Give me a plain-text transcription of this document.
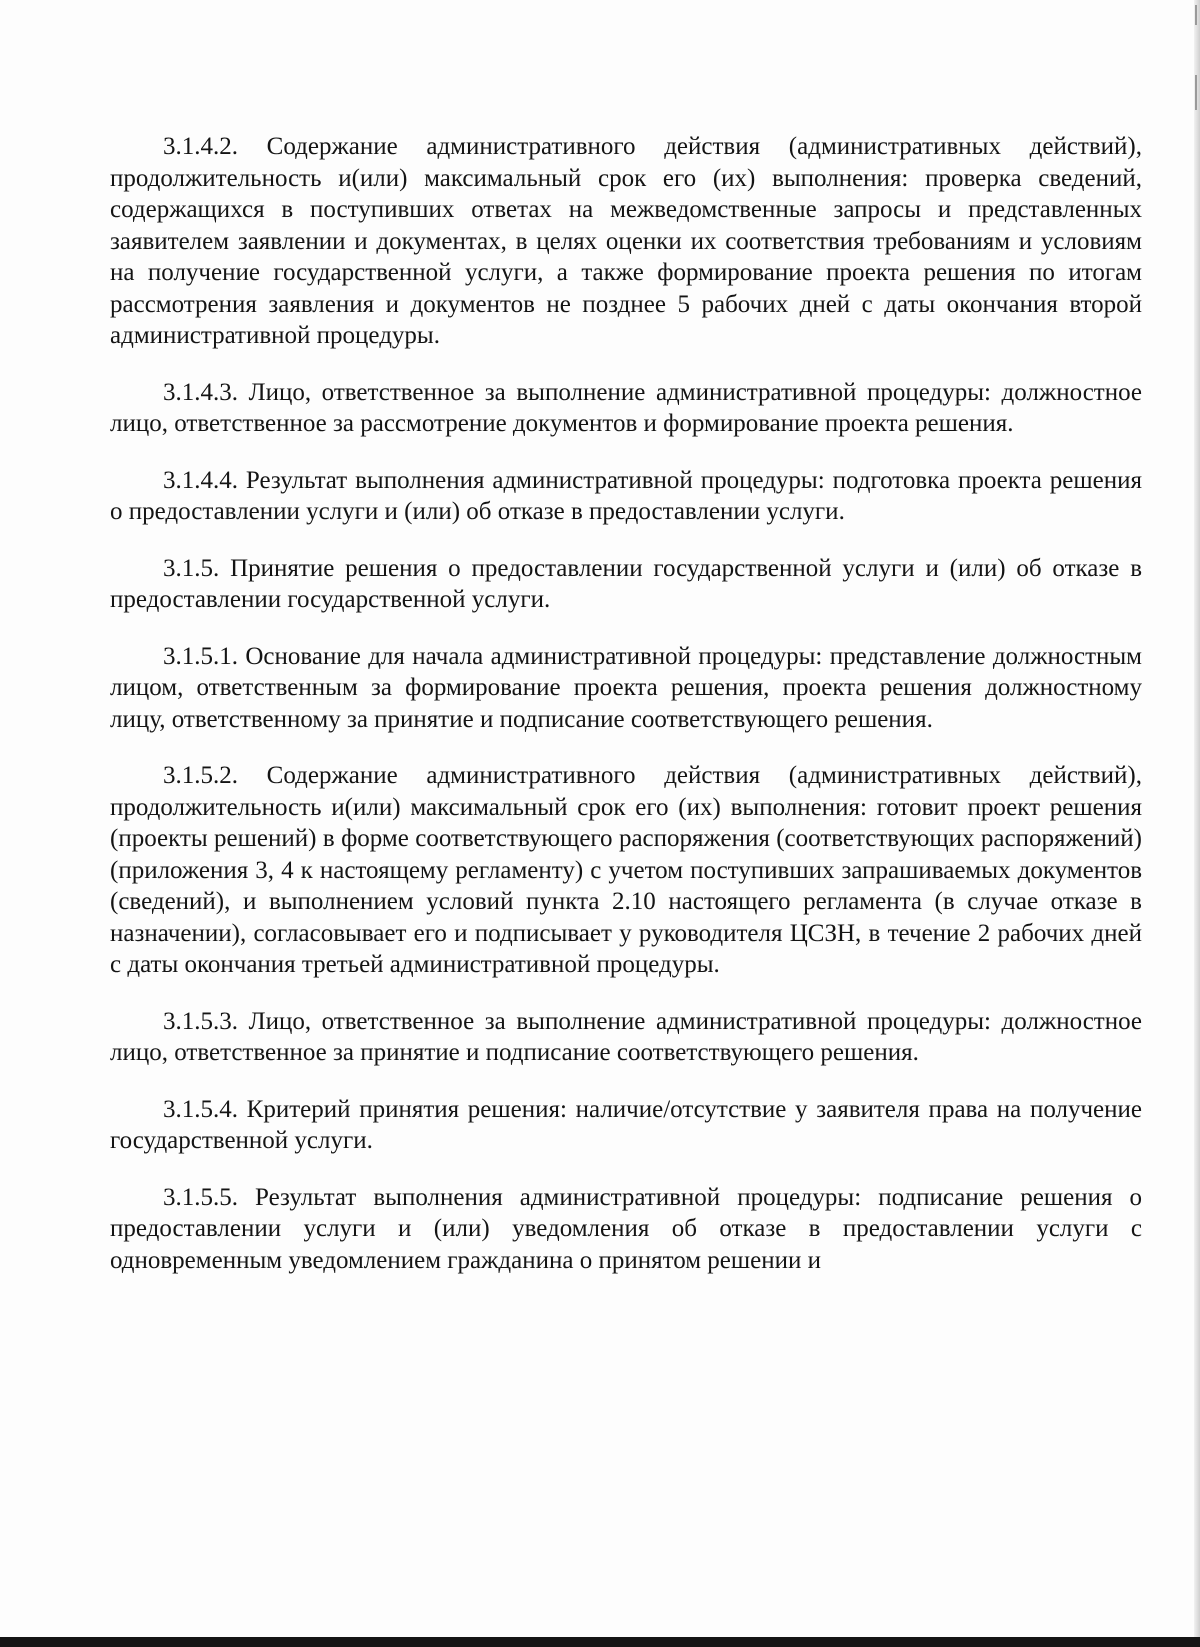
3.1.4.2. Содержание административного действия (административных действий), продолжительность и(или) максимальный срок его (их) выполнения: проверка сведений, содержащихся в поступивших ответах на межведомственные запросы и представленных заявителем заявлении и документах, в целях оценки их соответствия требованиям и условиям на получение государственной услуги, а также формирование проекта решения по итогам рассмотрения заявления и документов не позднее 5 рабочих дней с даты окончания второй административной процедуры.

3.1.4.3. Лицо, ответственное за выполнение административной процедуры: должностное лицо, ответственное за рассмотрение документов и формирование проекта решения.

3.1.4.4. Результат выполнения административной процедуры: подготовка проекта решения о предоставлении услуги и (или) об отказе в предоставлении услуги.

3.1.5. Принятие решения о предоставлении государственной услуги и (или) об отказе в предоставлении государственной услуги.

3.1.5.1. Основание для начала административной процедуры: представление должностным лицом, ответственным за формирование проекта решения, проекта решения должностному лицу, ответственному за принятие и подписание соответствующего решения.

3.1.5.2. Содержание административного действия (административных действий), продолжительность и(или) максимальный срок его (их) выполнения: готовит проект решения (проекты решений) в форме соответствующего распоряжения (соответствующих распоряжений) (приложения 3, 4 к настоящему регламенту) с учетом поступивших запрашиваемых документов (сведений), и выполнением условий пункта 2.10 настоящего регламента (в случае отказе в назначении), согласовывает его и подписывает у руководителя ЦСЗН, в течение 2 рабочих дней с даты окончания третьей административной процедуры.

3.1.5.3. Лицо, ответственное за выполнение административной процедуры: должностное лицо, ответственное за принятие и подписание соответствующего решения.

3.1.5.4. Критерий принятия решения: наличие/отсутствие у заявителя права на получение государственной услуги.

3.1.5.5. Результат выполнения административной процедуры: подписание решения о предоставлении услуги и (или) уведомления об отказе в предоставлении услуги с одновременным уведомлением гражданина о принятом решении и
